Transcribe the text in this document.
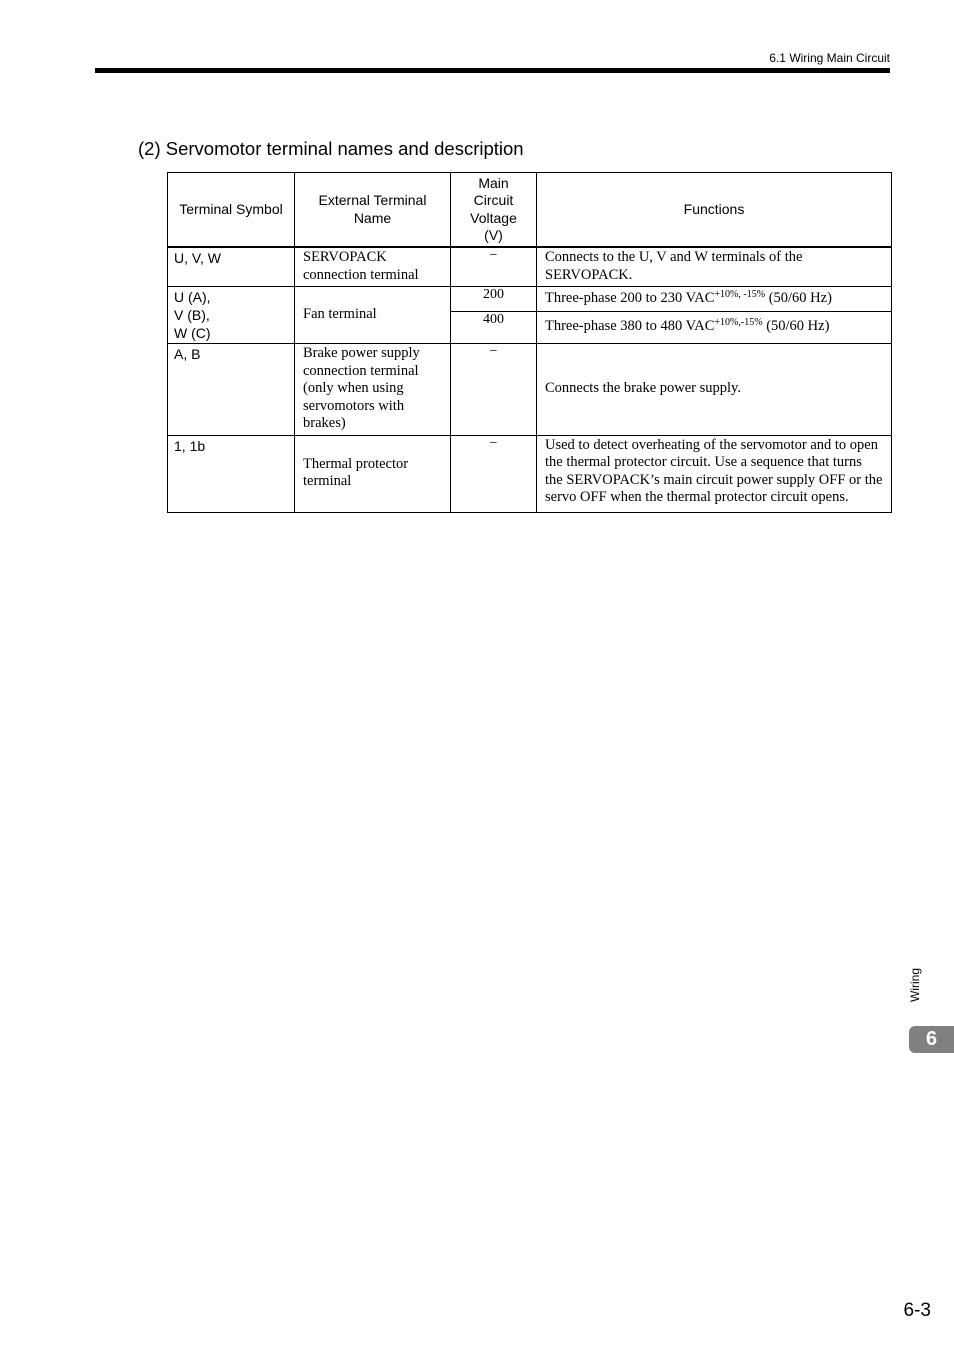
6.1 Wiring Main Circuit
(2) Servomotor terminal names and description
Terminal Symbol	External Terminal Name	Main Circuit Voltage (V)	Functions
U, V, W	SERVOPACK connection terminal	−	Connects to the U, V and W terminals of the SERVOPACK.
U (A),
V (B),
W (C)	Fan terminal	200	Three-phase 200 to 230 $VAC^{+10\%, -15\%}$ (50/60 Hz)
		400	Three-phase 380 to 480 $VAC^{+10\%,-15\%}$ (50/60 Hz)
A, B	Brake power supply connection terminal (only when using servomotors with brakes)	−	Connects the brake power supply.
1, 1b	Thermal protector terminal	−	Used to detect overheating of the servomotor and to open the thermal protector circuit. Use a sequence that turns the SERVOPACK’s main circuit power supply OFF or the servo OFF when the thermal protector circuit opens.
Wiring
6
6-3
